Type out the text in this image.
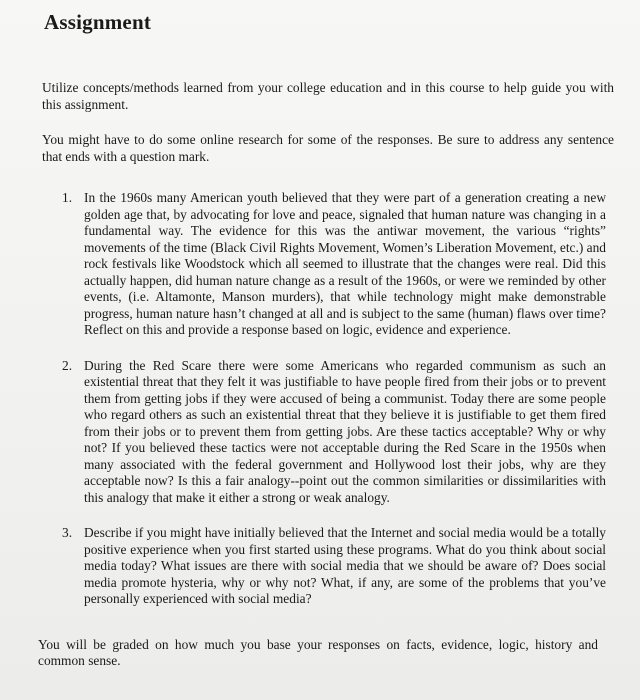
Assignment

Utilize concepts/methods learned from your college education and in this course to help guide you with this assignment.

You might have to do some online research for some of the responses. Be sure to address any sentence that ends with a question mark.

1. In the 1960s many American youth believed that they were part of a generation creating a new golden age that, by advocating for love and peace, signaled that human nature was changing in a fundamental way. The evidence for this was the antiwar movement, the various “rights” movements of the time (Black Civil Rights Movement, Women’s Liberation Movement, etc.) and rock festivals like Woodstock which all seemed to illustrate that the changes were real. Did this actually happen, did human nature change as a result of the 1960s, or were we reminded by other events, (i.e. Altamonte, Manson murders), that while technology might make demonstrable progress, human nature hasn’t changed at all and is subject to the same (human) flaws over time? Reflect on this and provide a response based on logic, evidence and experience.
2. During the Red Scare there were some Americans who regarded communism as such an existential threat that they felt it was justifiable to have people fired from their jobs or to prevent them from getting jobs if they were accused of being a communist. Today there are some people who regard others as such an existential threat that they believe it is justifiable to get them fired from their jobs or to prevent them from getting jobs. Are these tactics acceptable? Why or why not? If you believed these tactics were not acceptable during the Red Scare in the 1950s when many associated with the federal government and Hollywood lost their jobs, why are they acceptable now? Is this a fair analogy--point out the common similarities or dissimilarities with this analogy that make it either a strong or weak analogy.
3. Describe if you might have initially believed that the Internet and social media would be a totally positive experience when you first started using these programs. What do you think about social media today? What issues are there with social media that we should be aware of? Does social media promote hysteria, why or why not? What, if any, are some of the problems that you’ve personally experienced with social media?

You will be graded on how much you base your responses on facts, evidence, logic, history and common sense.
